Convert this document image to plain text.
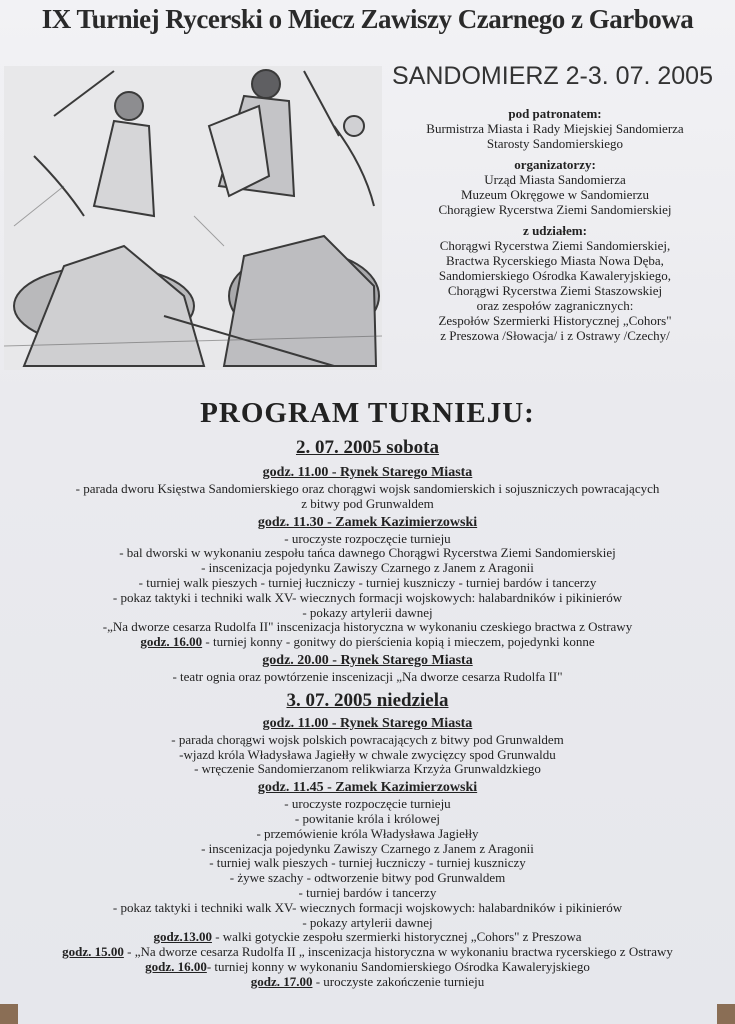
IX Turniej Rycerski o Miecz Zawiszy Czarnego z Garbowa
SANDOMIERZ 2-3. 07. 2005
pod patronatem:
Burmistrza Miasta i Rady Miejskiej Sandomierza
Starosty Sandomierskiego
organizatorzy:
Urząd Miasta Sandomierza
Muzeum Okręgowe w Sandomierzu
Chorągiew Rycerstwa Ziemi Sandomierskiej
z udziałem:
Chorągwi Rycerstwa Ziemi Sandomierskiej,
Bractwa Rycerskiego Miasta Nowa Dęba,
Sandomierskiego Ośrodka Kawaleryjskiego,
Chorągwi Rycerstwa Ziemi Staszowskiej
oraz zespołów zagranicznych:
Zespołów Szermierki Historycznej „Cohors"
z Preszowa /Słowacja/ i z Ostrawy /Czechy/
PROGRAM TURNIEJU:
2. 07. 2005 sobota
godz. 11.00 - Rynek Starego Miasta
- parada dworu Księstwa Sandomierskiego oraz chorągwi wojsk sandomierskich i sojuszniczych powracających
z bitwy pod Grunwaldem
godz. 11.30 - Zamek Kazimierzowski
- uroczyste rozpoczęcie turnieju
- bal dworski w wykonaniu zespołu tańca dawnego Chorągwi Rycerstwa Ziemi Sandomierskiej
- inscenizacja pojedynku Zawiszy Czarnego z Janem z Aragonii
- turniej walk pieszych - turniej łuczniczy - turniej kuszniczy - turniej bardów i tancerzy
- pokaz taktyki i techniki walk XV- wiecznych formacji wojskowych: halabardników i pikinierów
- pokazy artylerii dawnej
-„Na dworze cesarza Rudolfa II" inscenizacja historyczna w wykonaniu czeskiego bractwa z Ostrawy
godz. 16.00 - turniej konny - gonitwy do pierścienia kopią i mieczem, pojedynki konne
godz. 20.00 - Rynek Starego Miasta
- teatr ognia oraz powtórzenie inscenizacji „Na dworze cesarza Rudolfa II"
3. 07. 2005 niedziela
godz. 11.00 - Rynek Starego Miasta
- parada chorągwi wojsk polskich powracających z bitwy pod Grunwaldem
-wjazd króla Władysława Jagiełły w chwale zwycięzcy spod Grunwaldu
- wręczenie Sandomierzanom relikwiarza Krzyża Grunwaldzkiego
godz. 11.45 - Zamek Kazimierzowski
- uroczyste rozpoczęcie turnieju
- powitanie króla i królowej
- przemówienie króla Władysława Jagiełły
- inscenizacja pojedynku Zawiszy Czarnego z Janem z Aragonii
- turniej walk pieszych - turniej łuczniczy - turniej kuszniczy
- żywe szachy - odtworzenie bitwy pod Grunwaldem
- turniej bardów i tancerzy
- pokaz taktyki i techniki walk XV- wiecznych formacji wojskowych: halabardników i pikinierów
- pokazy artylerii dawnej
godz.13.00 - walki gotyckie zespołu szermierki historycznej „Cohors" z Preszowa
godz. 15.00 - „Na dworze cesarza Rudolfa II „ inscenizacja historyczna w wykonaniu bractwa rycerskiego z Ostrawy
godz. 16.00- turniej konny w wykonaniu Sandomierskiego Ośrodka Kawaleryjskiego
godz. 17.00 - uroczyste zakończenie turnieju
